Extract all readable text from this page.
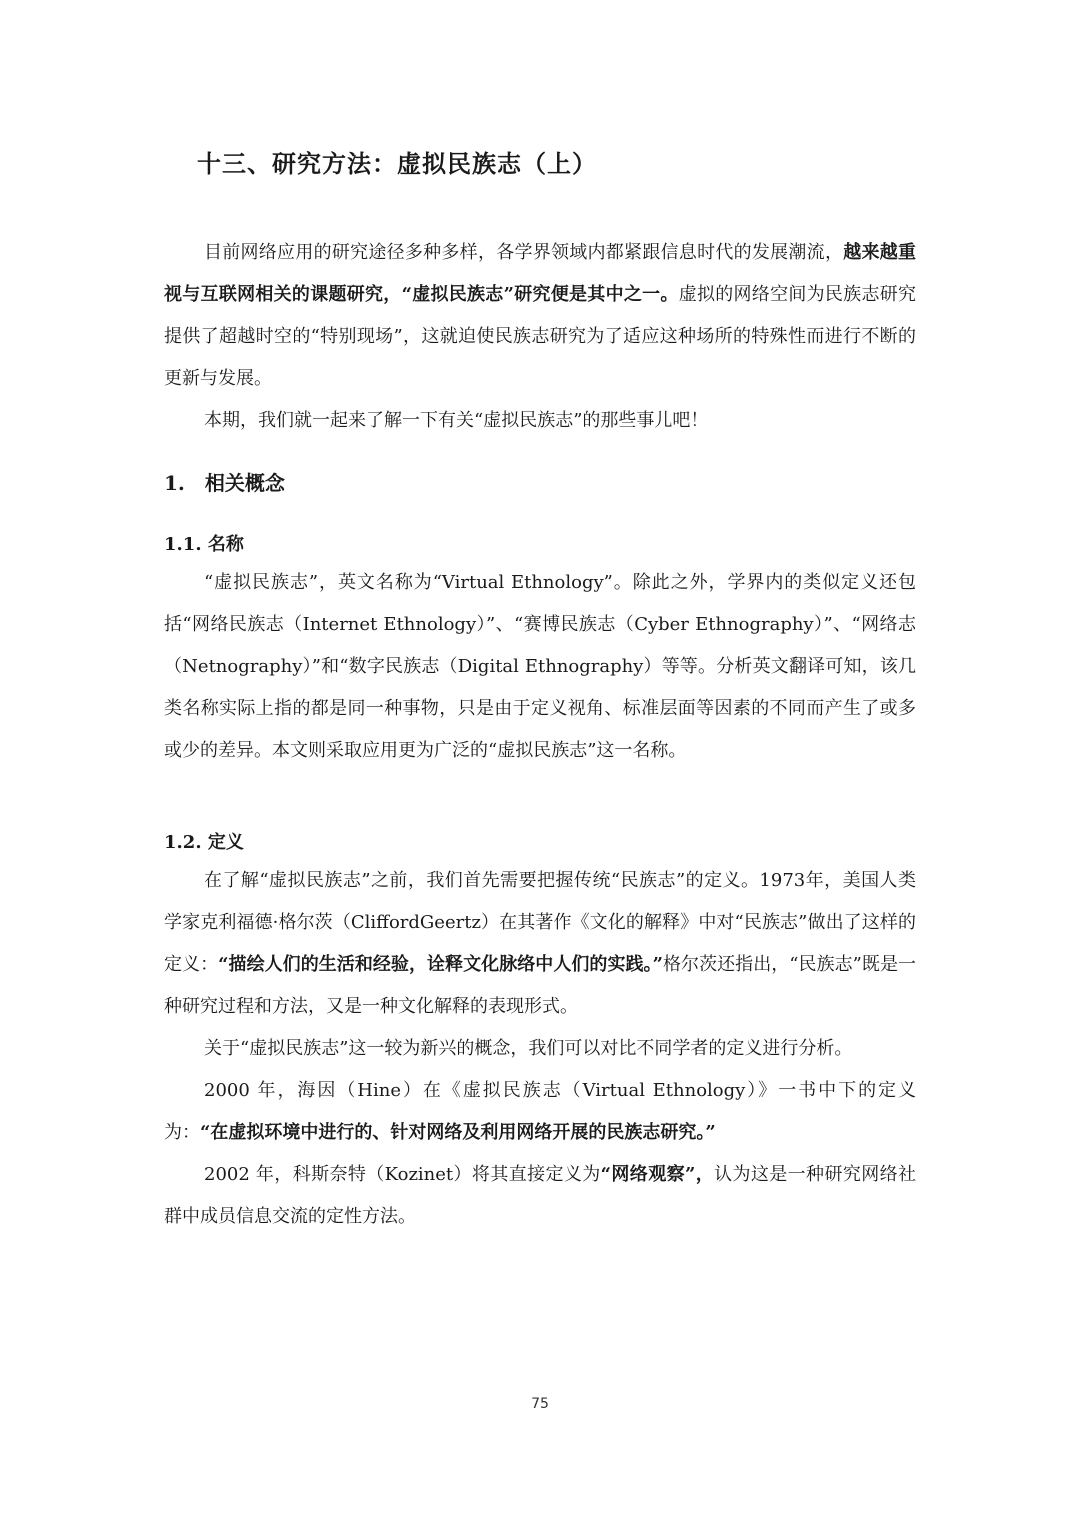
十三、研究方法：虚拟民族志（上）

目前网络应用的研究途径多种多样，各学界领域内都紧跟信息时代的发展潮流，越来越重视与互联网相关的课题研究，“虚拟民族志”研究便是其中之一。虚拟的网络空间为民族志研究提供了超越时空的“特别现场”，这就迫使民族志研究为了适应这种场所的特殊性而进行不断的更新与发展。

本期，我们就一起来了解一下有关“虚拟民族志”的那些事儿吧！

1.　相关概念
1.1. 名称

“虚拟民族志”，英文名称为“Virtual Ethnology”。除此之外，学界内的类似定义还包括“网络民族志（Internet Ethnology）”、“赛博民族志（Cyber Ethnography）”、“网络志（Netnography）”和“数字民族志（Digital Ethnography）等等。分析英文翻译可知，该几类名称实际上指的都是同一种事物，只是由于定义视角、标准层面等因素的不同而产生了或多或少的差异。本文则采取应用更为广泛的“虚拟民族志”这一名称。

1.2. 定义

在了解“虚拟民族志”之前，我们首先需要把握传统“民族志”的定义。1973年，美国人类学家克利福德·格尔茨（CliffordGeertz）在其著作《文化的解释》中对“民族志”做出了这样的定义：“描绘人们的生活和经验，诠释文化脉络中人们的实践。”格尔茨还指出，“民族志”既是一种研究过程和方法，又是一种文化解释的表现形式。

关于“虚拟民族志”这一较为新兴的概念，我们可以对比不同学者的定义进行分析。

2000 年，海因（Hine）在《虚拟民族志（Virtual Ethnology）》一书中下的定义为：“在虚拟环境中进行的、针对网络及利用网络开展的民族志研究。”

2002 年，科斯奈特（Kozinet）将其直接定义为“网络观察”，认为这是一种研究网络社群中成员信息交流的定性方法。

75
